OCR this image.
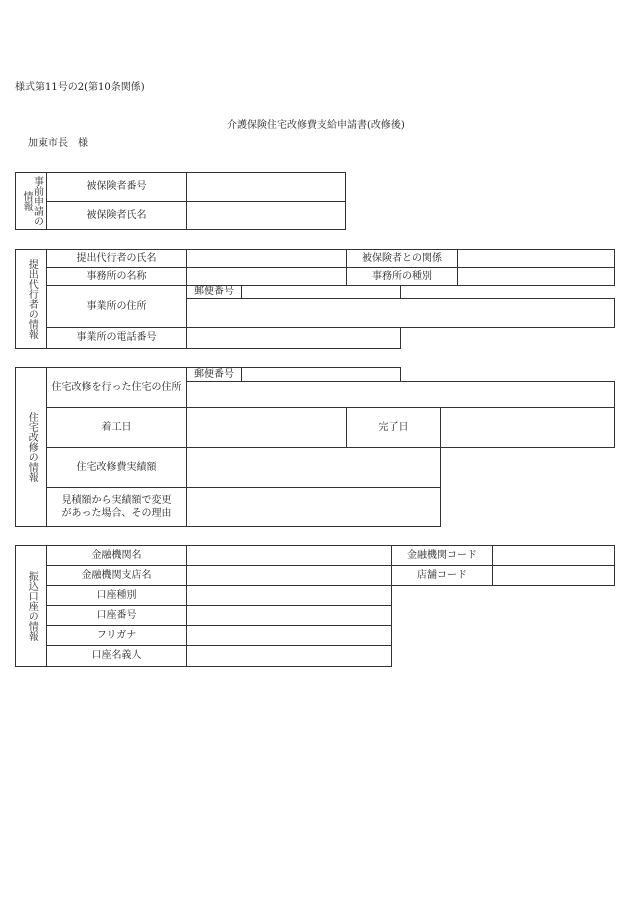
様式第11号の2(第10条関係)
介護保険住宅改修費支給申請書(改修後)
加東市長　様
事前申請の情報
被保険者番号
被保険者氏名
提出代行者の情報
提出代行者の氏名	被保険者との関係
事務所の名称	事務所の種別
事業所の住所
郵便番号
事業所の電話番号
住宅改修の情報
住宅改修を行った住宅の住所
郵便番号
着工日	完了日
住宅改修費実績額
見積額から実績額で変更があった場合、その理由
振込口座の情報
金融機関名	金融機関コード
金融機関支店名	店舗コード
口座種別
口座番号
フリガナ
口座名義人
